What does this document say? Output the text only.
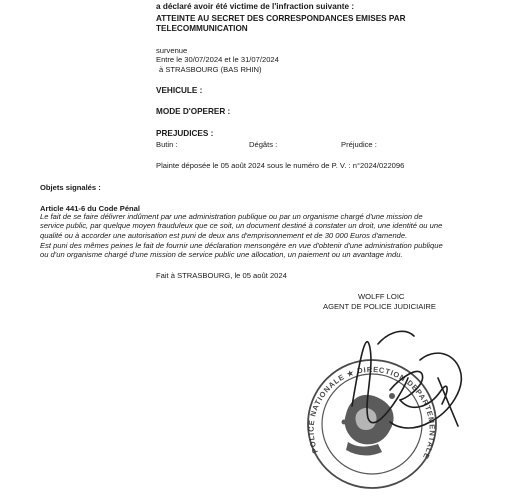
a déclaré avoir été victime de l'infraction suivante :
ATTEINTE AU SECRET DES CORRESPONDANCES EMISES PAR
TELECOMMUNICATION
survenue
Entre le 30/07/2024 et le 31/07/2024
à STRASBOURG (BAS RHIN)
VEHICULE :
MODE D'OPERER :
PREJUDICES :
Butin :	Dégâts :	Préjudice :
Plainte déposée le 05 août 2024 sous le numéro de P. V. : n°2024/022096
Objets signalés :
Article 441-6 du Code Pénal
Le fait de se faire délivrer indûment par une administration publique ou par un organisme chargé d'une mission de
service public, par quelque moyen frauduleux que ce soit, un document destiné à constater un droit, une identité ou une
qualité ou à accorder une autorisation est puni de deux ans d'emprisonnement et de 30 000 Euros d'amende.
Est puni des mêmes peines le fait de fournir une déclaration mensongère en vue d'obtenir d'une administration publique
ou d'un organisme chargé d'une mission de service public une allocation, un paiement ou un avantage indu.
Fait à STRASBOURG, le 05 août 2024
WOLFF LOIC
AGENT DE POLICE JUDICIAIRE
POLICE NATIONALE ★ DIRECTION DEPARTEMENTALE
